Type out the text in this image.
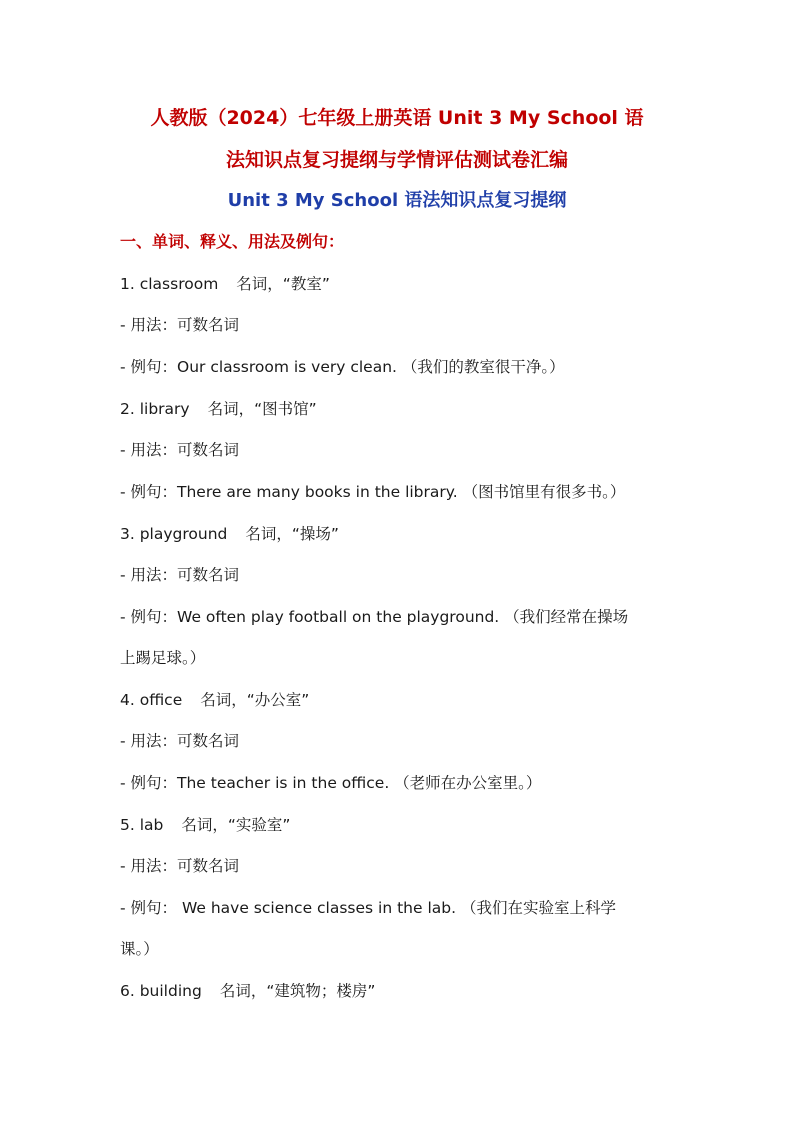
人教版（2024）七年级上册英语 Unit 3 My School 语
法知识点复习提纲与学情评估测试卷汇编
Unit 3 My School 语法知识点复习提纲
一、单词、释义、用法及例句：
1. classroom 名词，“教室”
- 用法：可数名词
- 例句：Our classroom is very clean. （我们的教室很干净。）
2. library 名词，“图书馆”
- 用法：可数名词
- 例句：There are many books in the library. （图书馆里有很多书。）
3. playground 名词，“操场”
- 用法：可数名词
- 例句：We often play football on the playground. （我们经常在操场
上踢足球。）
4. office 名词，“办公室”
- 用法：可数名词
- 例句：The teacher is in the office. （老师在办公室里。）
5. lab 名词，“实验室”
- 用法：可数名词
- 例句： We have science classes in the lab. （我们在实验室上科学
课。）
6. building 名词，“建筑物；楼房”
